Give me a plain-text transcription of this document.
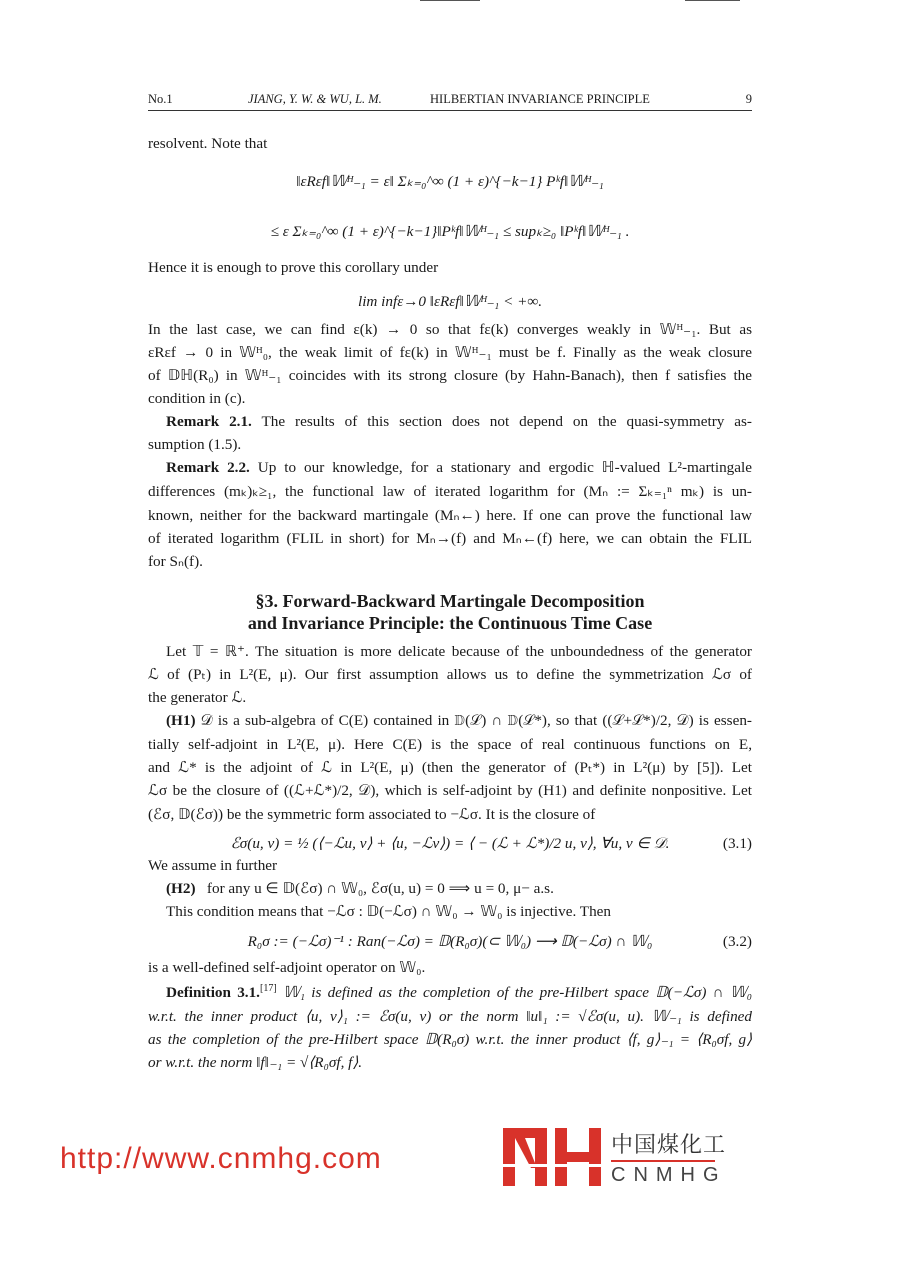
No.1	JIANG, Y. W. & WU, L. M.	HILBERTIAN INVARIANCE PRINCIPLE	9
resolvent. Note that
‖εRεf‖𝕎ᴴ₋₁ = ε‖ Σₖ₌₀^∞ (1 + ε)^{−k−1} Pᵏf‖𝕎ᴴ₋₁
≤ ε Σₖ₌₀^∞ (1 + ε)^{−k−1}‖Pᵏf‖𝕎ᴴ₋₁ ≤ supₖ≥₀ ‖Pᵏf‖𝕎ᴴ₋₁ .
Hence it is enough to prove this corollary under
lim infε→0 ‖εRεf‖𝕎ᴴ₋₁ < +∞.
In the last case, we can find ε(k) → 0 so that fε(k) converges weakly in 𝕎ᴴ₋₁. But as
εRεf → 0 in 𝕎ᴴ₀, the weak limit of fε(k) in 𝕎ᴴ₋₁ must be f. Finally as the weak closure
of 𝔻ℍ(R₀) in 𝕎ᴴ₋₁ coincides with its strong closure (by Hahn-Banach), then f satisfies the
condition in (c).
Remark 2.1. The results of this section does not depend on the quasi-symmetry as-
sumption (1.5).
Remark 2.2. Up to our knowledge, for a stationary and ergodic ℍ-valued L²-martingale
differences (mₖ)ₖ≥₁, the functional law of iterated logarithm for (Mₙ := Σₖ₌₁ⁿ mₖ) is un-
known, neither for the backward martingale (Mₙ←) here. If one can prove the functional law
of iterated logarithm (FLIL in short) for Mₙ→(f) and Mₙ←(f) here, we can obtain the FLIL
for Sₙ(f).
§3. Forward-Backward Martingale Decomposition
and Invariance Principle: the Continuous Time Case
Let 𝕋 = ℝ⁺. The situation is more delicate because of the unboundedness of the generator
ℒ of (Pₜ) in L²(E, μ). Our first assumption allows us to define the symmetrization ℒσ of
the generator ℒ.
(H1) 𝒟 is a sub-algebra of C(E) contained in 𝔻(ℒ) ∩ 𝔻(ℒ*), so that ((ℒ+ℒ*)/2, 𝒟) is essen-
tially self-adjoint in L²(E, μ). Here C(E) is the space of real continuous functions on E,
and ℒ* is the adjoint of ℒ in L²(E, μ) (then the generator of (Pₜ*) in L²(μ) by [5]). Let
ℒσ be the closure of ((ℒ+ℒ*)/2, 𝒟), which is self-adjoint by (H1) and definite nonpositive. Let
(ℰσ, 𝔻(ℰσ)) be the symmetric form associated to −ℒσ. It is the closure of
ℰσ(u, v) = ½ (⟨−ℒu, v⟩ + ⟨u, −ℒv⟩) = ⟨ − (ℒ + ℒ*)/2 u, v⟩, ∀u, v ∈ 𝒟.	(3.1)
We assume in further
(H2) for any u ∈ 𝔻(ℰσ) ∩ 𝕎₀, ℰσ(u, u) = 0 ⟹ u = 0, μ− a.s.
This condition means that −ℒσ : 𝔻(−ℒσ) ∩ 𝕎₀ → 𝕎₀ is injective. Then
R₀σ := (−ℒσ)⁻¹ : Ran(−ℒσ) = 𝔻(R₀σ)(⊂ 𝕎₀) ⟶ 𝔻(−ℒσ) ∩ 𝕎₀	(3.2)
is a well-defined self-adjoint operator on 𝕎₀.
Definition 3.1.[17] 𝕎₁ is defined as the completion of the pre-Hilbert space 𝔻(−ℒσ) ∩ 𝕎₀
w.r.t. the inner product ⟨u, v⟩₁ := ℰσ(u, v) or the norm ‖u‖₁ := √ℰσ(u, u). 𝕎₋₁ is defined
as the completion of the pre-Hilbert space 𝔻(R₀σ) w.r.t. the inner product ⟨f, g⟩₋₁ = ⟨R₀σf, g⟩
or w.r.t. the norm ‖f‖₋₁ = √⟨R₀σf, f⟩.
http://www.cnmhg.com	中国煤化工
CNMHG
